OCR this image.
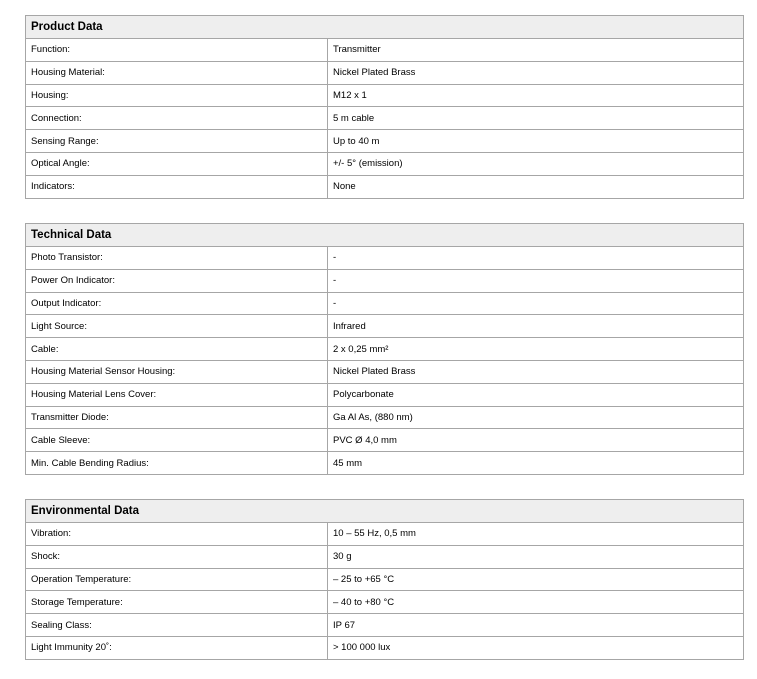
Product Data	
Function:	Transmitter
Housing Material:	Nickel Plated Brass
Housing:	M12 x 1
Connection:	5 m cable
Sensing Range:	Up to 40 m
Optical Angle:	+/- 5° (emission)
Indicators:	None
Technical Data	
Photo Transistor:	-
Power On Indicator:	-
Output Indicator:	-
Light Source:	Infrared
Cable:	2 x 0,25 mm²
Housing Material Sensor Housing:	Nickel Plated Brass
Housing Material Lens Cover:	Polycarbonate
Transmitter Diode:	Ga Al As, (880 nm)
Cable Sleeve:	PVC Ø 4,0 mm
Min. Cable Bending Radius:	45 mm
Environmental Data	
Vibration:	10 – 55 Hz, 0,5 mm
Shock:	30 g
Operation Temperature:	– 25 to +65 °C
Storage Temperature:	– 40 to +80 °C
Sealing Class:	IP 67
Light Immunity 20˚:	> 100 000 lux
